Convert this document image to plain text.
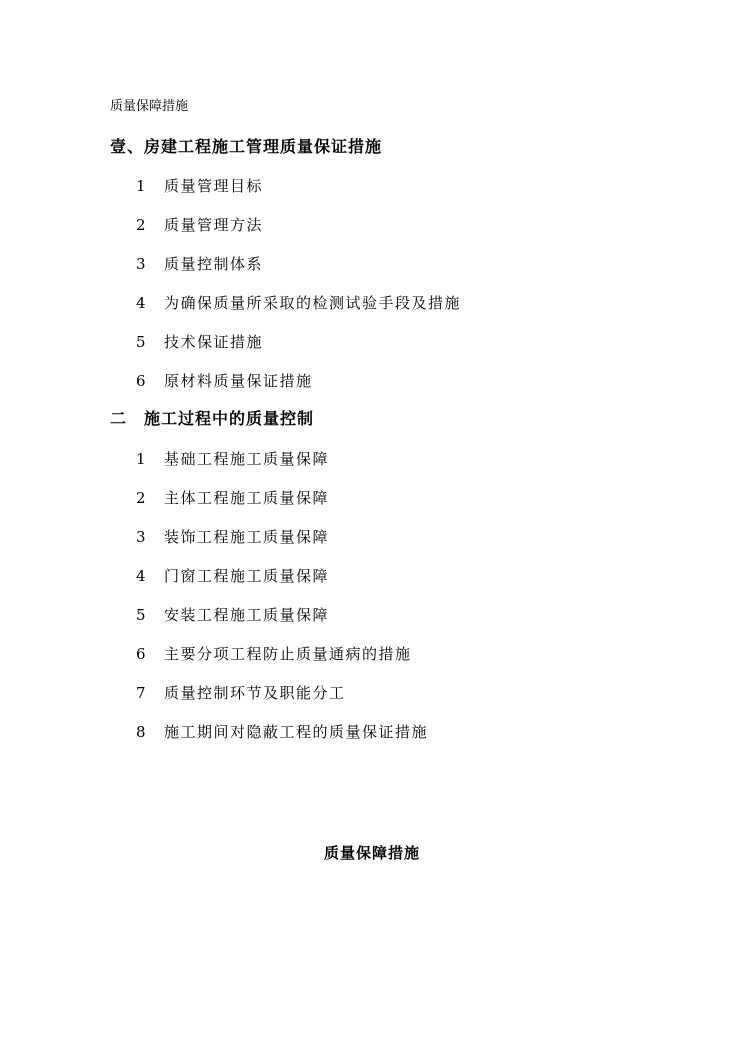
质量保障措施
壹、房建工程施工管理质量保证措施
1	质量管理目标
2	质量管理方法
3	质量控制体系
4	为确保质量所采取的检测试验手段及措施
5	技术保证措施
6	原材料质量保证措施
二　施工过程中的质量控制
1	基础工程施工质量保障
2	主体工程施工质量保障
3	装饰工程施工质量保障
4	门窗工程施工质量保障
5	安装工程施工质量保障
6	主要分项工程防止质量通病的措施
7	质量控制环节及职能分工
8	施工期间对隐蔽工程的质量保证措施
质量保障措施
